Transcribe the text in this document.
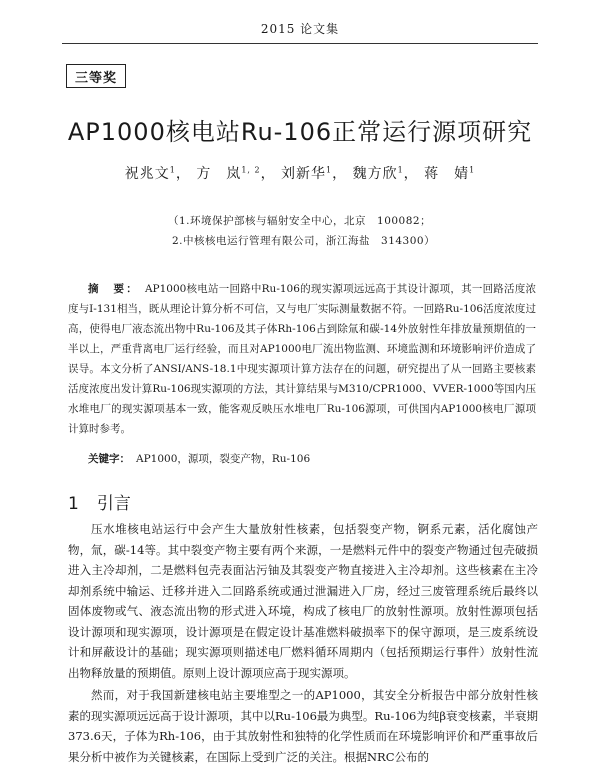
2015 论文集
三等奖
AP1000核电站Ru-106正常运行源项研究
祝兆文$^1$， 方　岚$^{1, 2}$， 刘新华$^1$， 魏方欣$^1$， 蒋　婧$^1$
（1.环境保护部核与辐射安全中心，北京　100082；
2.中核核电运行管理有限公司，浙江海盐　314300）
摘　要： AP1000核电站一回路中Ru-106的现实源项远远高于其设计源项，其一回路活度浓度与I-131相当，既从理论计算分析不可信，又与电厂实际测量数据不符。一回路Ru-106活度浓度过高，使得电厂液态流出物中Ru-106及其子体Rh-106占到除氚和碳-14外放射性年排放量预期值的一半以上，严重背离电厂运行经验，而且对AP1000电厂流出物监测、环境监测和环境影响评价造成了误导。本文分析了ANSI/ANS-18.1中现实源项计算方法存在的问题，研究提出了从一回路主要核素活度浓度出发计算Ru-106现实源项的方法，其计算结果与M310/CPR1000、VVER-1000等国内压水堆电厂的现实源项基本一致，能客观反映压水堆电厂Ru-106源项，可供国内AP1000核电厂源项计算时参考。
关键字： AP1000，源项，裂变产物，Ru-106
1 引言
压水堆核电站运行中会产生大量放射性核素，包括裂变产物，锕系元素，活化腐蚀产物，氚，碳-14等。其中裂变产物主要有两个来源，一是燃料元件中的裂变产物通过包壳破损进入主冷却剂，二是燃料包壳表面沾污铀及其裂变产物直接进入主冷却剂。这些核素在主冷却剂系统中输运、迁移并进入二回路系统或通过泄漏进入厂房，经过三废管理系统后最终以固体废物或气、液态流出物的形式进入环境，构成了核电厂的放射性源项。放射性源项包括设计源项和现实源项，设计源项是在假定设计基准燃料破损率下的保守源项，是三废系统设计和屏蔽设计的基础；现实源项则描述电厂燃料循环周期内（包括预期运行事件）放射性流出物释放量的预期值。原则上设计源项应高于现实源项。
然而，对于我国新建核电站主要堆型之一的AP1000，其安全分析报告中部分放射性核素的现实源项远远高于设计源项，其中以Ru-106最为典型。Ru-106为纯β衰变核素，半衰期373.6天，子体为Rh-106，由于其放射性和独特的化学性质而在环境影响评价和严重事故后果分析中被作为关键核素，在国际上受到广泛的关注。根据NRC公布的
